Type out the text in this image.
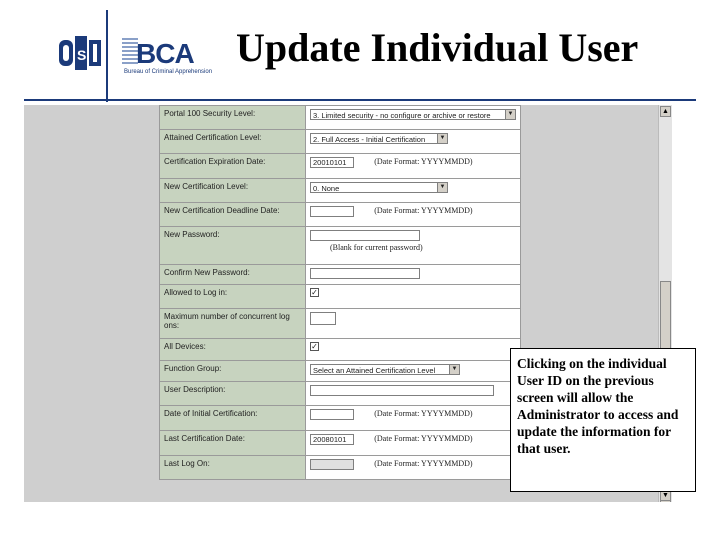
S BCA
Bureau of Criminal Apprehension
Update Individual User
Portal 100 Security Level:	3. Limited security - no configure or archive or restore ▼

Attained Certification Level:	2. Full Access - Initial Certification ▼

Certification Expiration Date:	20010101 (Date Format: YYYYMMDD)
New Certification Level:	0. None ▼

New Certification Deadline Date:	(Date Format: YYYYMMDD)
New Password:	(Blank for current password)

Confirm New Password:	
Allowed to Log in:	✓
Maximum number of concurrent log ons:	
All Devices:	✓
Function Group:	Select an Attained Certification Level ▼

User Description:	
Date of Initial Certification:	(Date Format: YYYYMMDD)
Last Certification Date:	20080101 (Date Format: YYYYMMDD)
Last Log On:	(Date Format: YYYYMMDD)
▲
▼
Clicking on the individual User ID on the previous screen will allow the Administrator to access and update the information for that user.
